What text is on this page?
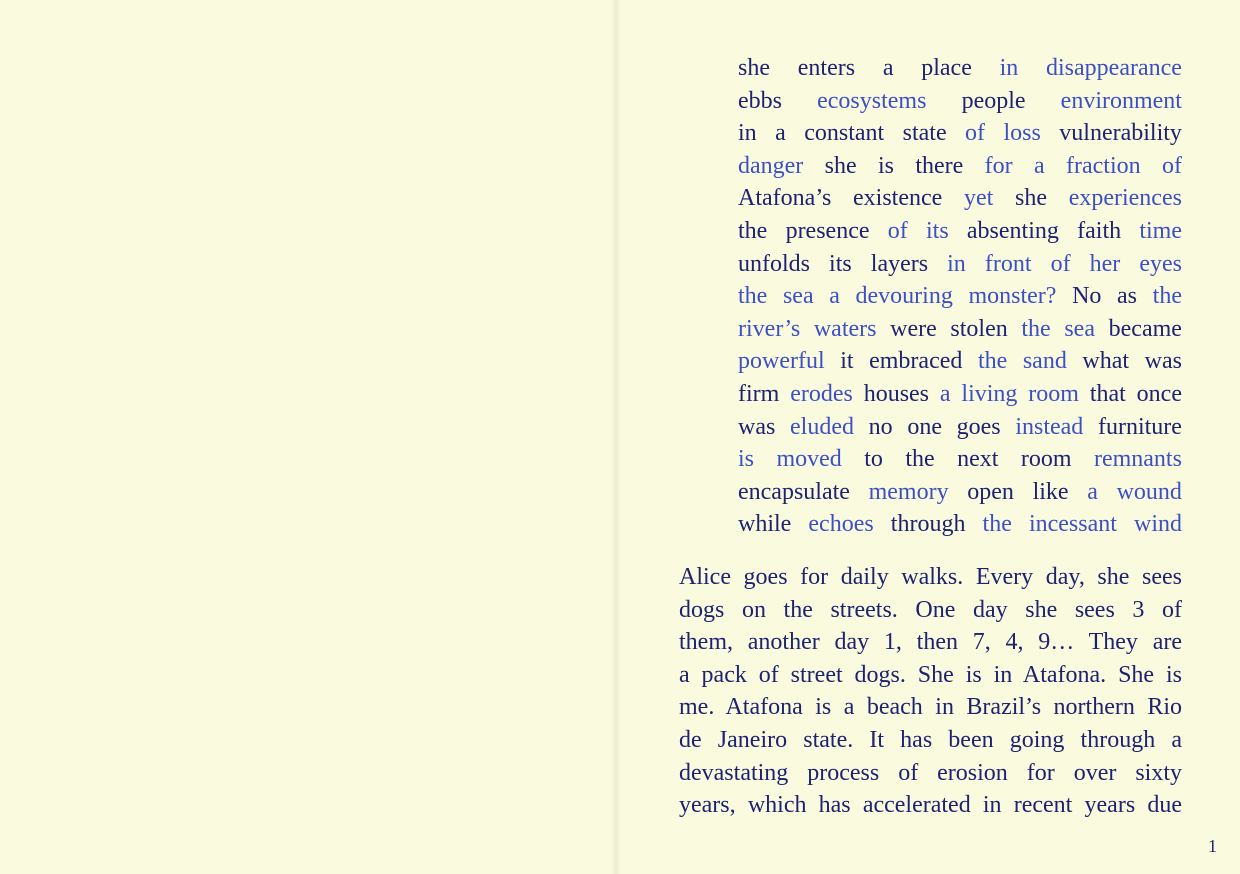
she enters a place in disappearance
ebbs ecosystems people environment
in a constant state of loss vulnerability
danger she is there for a fraction of
Atafona’s existence yet she experiences
the presence of its absenting faith time
unfolds its layers in front of her eyes
the sea a devouring monster? No as the
river’s waters were stolen the sea became
powerful it embraced the sand what was
firm erodes houses a living room that once
was eluded no one goes instead furniture
is moved to the next room remnants
encapsulate memory open like a wound
while echoes through the incessant wind
Alice goes for daily walks. Every day, she sees
dogs on the streets. One day she sees 3 of
them, another day 1, then 7, 4, 9… They are
a pack of street dogs. She is in Atafona. She is
me. Atafona is a beach in Brazil’s northern Rio
de Janeiro state. It has been going through a
devastating process of erosion for over sixty
years, which has accelerated in recent years due
1
